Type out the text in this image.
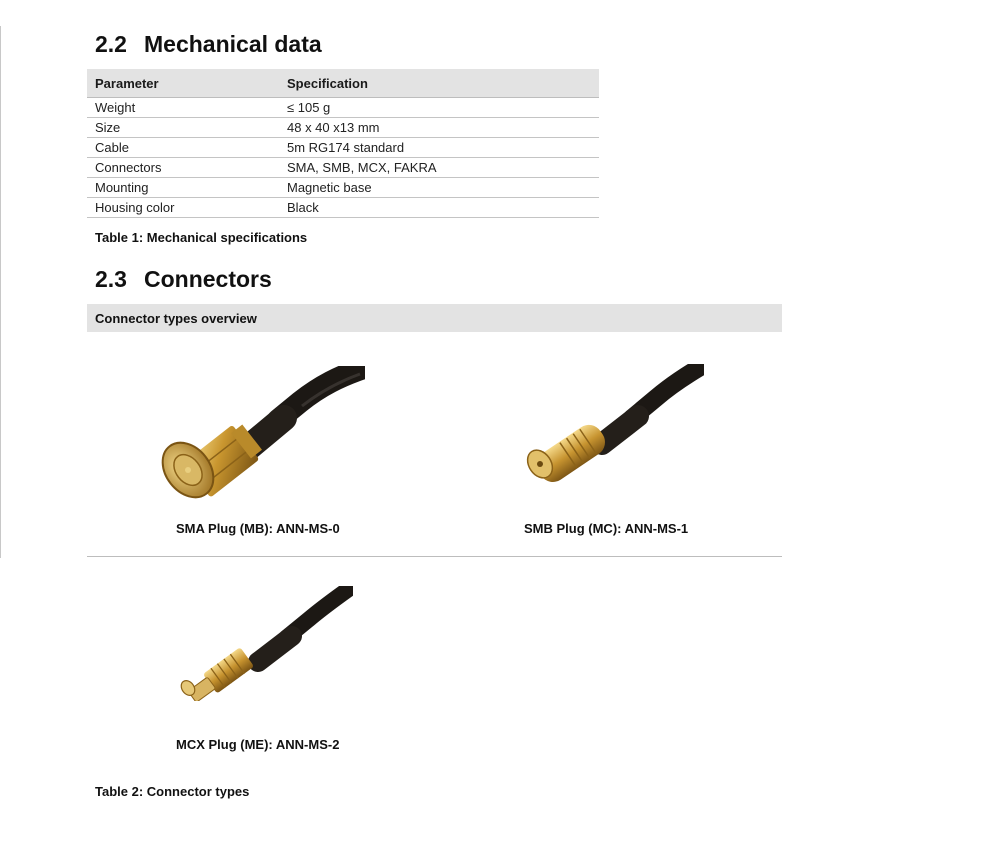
2.2 Mechanical data
Parameter	Specification
Weight	≤ 105 g
Size	48 x 40 x13 mm
Cable	5m RG174 standard
Connectors	SMA, SMB, MCX, FAKRA
Mounting	Magnetic base
Housing color	Black
Table 1: Mechanical specifications
2.3 Connectors
Connector types overview
SMA Plug (MB): ANN-MS-0	SMB Plug (MC): ANN-MS-1
MCX Plug (ME): ANN-MS-2
Table 2: Connector types
